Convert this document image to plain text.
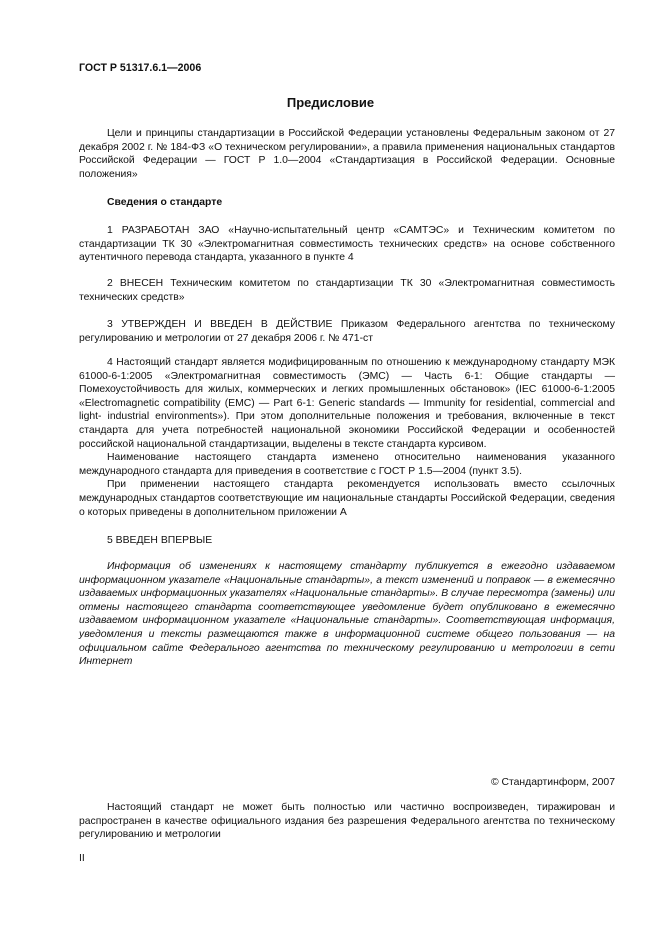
ГОСТ Р 51317.6.1—2006
Предисловие
Цели и принципы стандартизации в Российской Федерации установлены Федеральным законом от 27 декабря 2002 г. № 184-ФЗ «О техническом регулировании», а правила применения национальных стандартов Российской Федерации — ГОСТ Р 1.0—2004 «Стандартизация в Российской Федерации. Основные положения»
Сведения о стандарте
1 РАЗРАБОТАН ЗАО «Научно-испытательный центр «САМТЭС» и Техническим комитетом по стандартизации ТК 30 «Электромагнитная совместимость технических средств» на основе собственного аутентичного перевода стандарта, указанного в пункте 4
2 ВНЕСЕН Техническим комитетом по стандартизации ТК 30 «Электромагнитная совместимость технических средств»
3 УТВЕРЖДЕН И ВВЕДЕН В ДЕЙСТВИЕ Приказом Федерального агентства по техническому регулированию и метрологии от 27 декабря 2006 г. № 471-ст

4 Настоящий стандарт является модифицированным по отношению к международному стандарту МЭК 61000-6-1:2005 «Электромагнитная совместимость (ЭМС) — Часть 6-1: Общие стандарты — Помехоустойчивость для жилых, коммерческих и легких промышленных обстановок» (IEC 61000-6-1:2005 «Electromagnetic compatibility (EMC) — Part 6-1: Generic standards — Immunity for residential, commercial and light- industrial environments»). При этом дополнительные положения и требования, включенные в текст стандарта для учета потребностей национальной экономики Российской Федерации и особенностей российской национальной стандартизации, выделены в тексте стандарта курсивом.

Наименование настоящего стандарта изменено относительно наименования указанного международного стандарта для приведения в соответствие с ГОСТ Р 1.5—2004 (пункт 3.5).

При применении настоящего стандарта рекомендуется использовать вместо ссылочных международных стандартов соответствующие им национальные стандарты Российской Федерации, сведения о которых приведены в дополнительном приложении А

5 ВВЕДЕН ВПЕРВЫЕ
Информация об изменениях к настоящему стандарту публикуется в ежегодно издаваемом информационном указателе «Национальные стандарты», а текст изменений и поправок — в ежемесячно издаваемых информационных указателях «Национальные стандарты». В случае пересмотра (замены) или отмены настоящего стандарта соответствующее уведомление будет опубликовано в ежемесячно издаваемом информационном указателе «Национальные стандарты». Соответствующая информация, уведомления и тексты размещаются также в информационной системе общего пользования — на официальном сайте Федерального агентства по техническому регулированию и метрологии в сети Интернет
© Стандартинформ, 2007
Настоящий стандарт не может быть полностью или частично воспроизведен, тиражирован и распространен в качестве официального издания без разрешения Федерального агентства по техническому регулированию и метрологии
II
